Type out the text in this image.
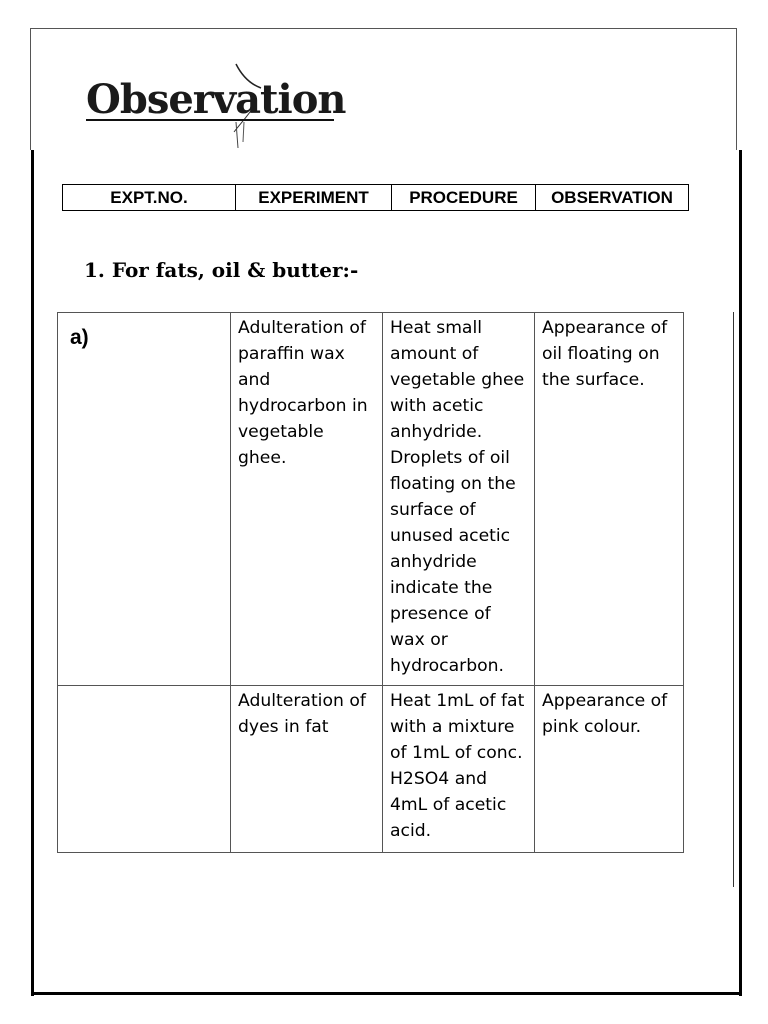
Observation
EXPT.NO.	EXPERIMENT	PROCEDURE	OBSERVATION
1. For fats, oil & butter:-
a)	Adulteration of paraffin wax and hydrocarbon in vegetable ghee.	Heat small amount of vegetable ghee with acetic anhydride. Droplets of oil floating on the surface of unused acetic anhydride indicate the presence of wax or hydrocarbon.	Appearance of oil floating on the surface.
	Adulteration of dyes in fat	Heat 1mL of fat with a mixture of 1mL of conc. H2SO4 and 4mL of acetic acid.	Appearance of pink colour.
